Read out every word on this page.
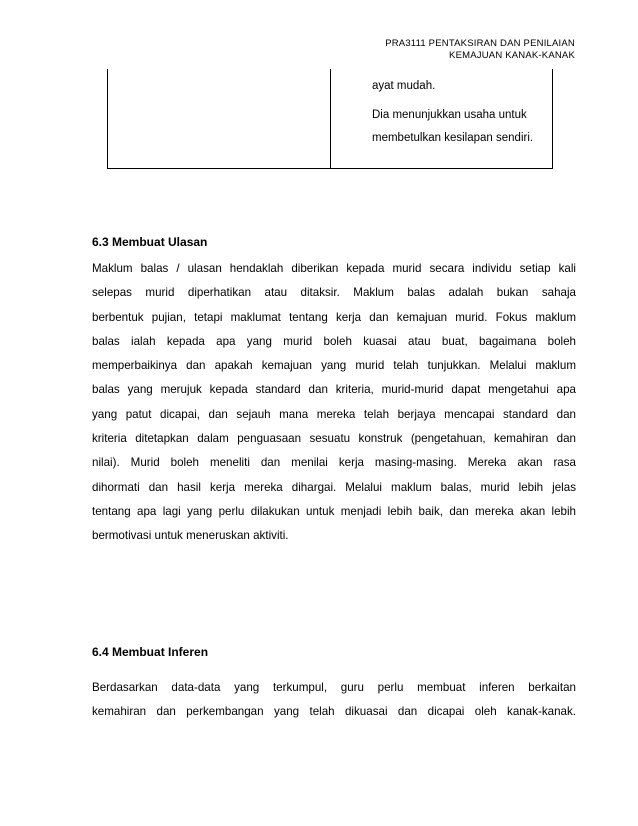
PRA3111 PENTAKSIRAN DAN PENILAIAN
KEMAJUAN KANAK-KANAK
ayat mudah.
Dia menunjukkan usaha untuk
membetulkan kesilapan sendiri.
6.3 Membuat Ulasan
Maklum balas / ulasan hendaklah diberikan kepada murid secara individu setiap kali
selepas murid diperhatikan atau ditaksir. Maklum balas adalah bukan sahaja
berbentuk pujian, tetapi maklumat tentang kerja dan kemajuan murid. Fokus maklum
balas ialah kepada apa yang murid boleh kuasai atau buat, bagaimana boleh
memperbaikinya dan apakah kemajuan yang murid telah tunjukkan. Melalui maklum
balas yang merujuk kepada standard dan kriteria, murid-murid dapat mengetahui apa
yang patut dicapai, dan sejauh mana mereka telah berjaya mencapai standard dan
kriteria ditetapkan dalam penguasaan sesuatu konstruk (pengetahuan, kemahiran dan
nilai). Murid boleh meneliti dan menilai kerja masing-masing. Mereka akan rasa
dihormati dan hasil kerja mereka dihargai. Melalui maklum balas, murid lebih jelas
tentang apa lagi yang perlu dilakukan untuk menjadi lebih baik, dan mereka akan lebih
bermotivasi untuk meneruskan aktiviti.
6.4 Membuat Inferen
Berdasarkan data-data yang terkumpul, guru perlu membuat inferen berkaitan
kemahiran dan perkembangan yang telah dikuasai dan dicapai oleh kanak-kanak.
